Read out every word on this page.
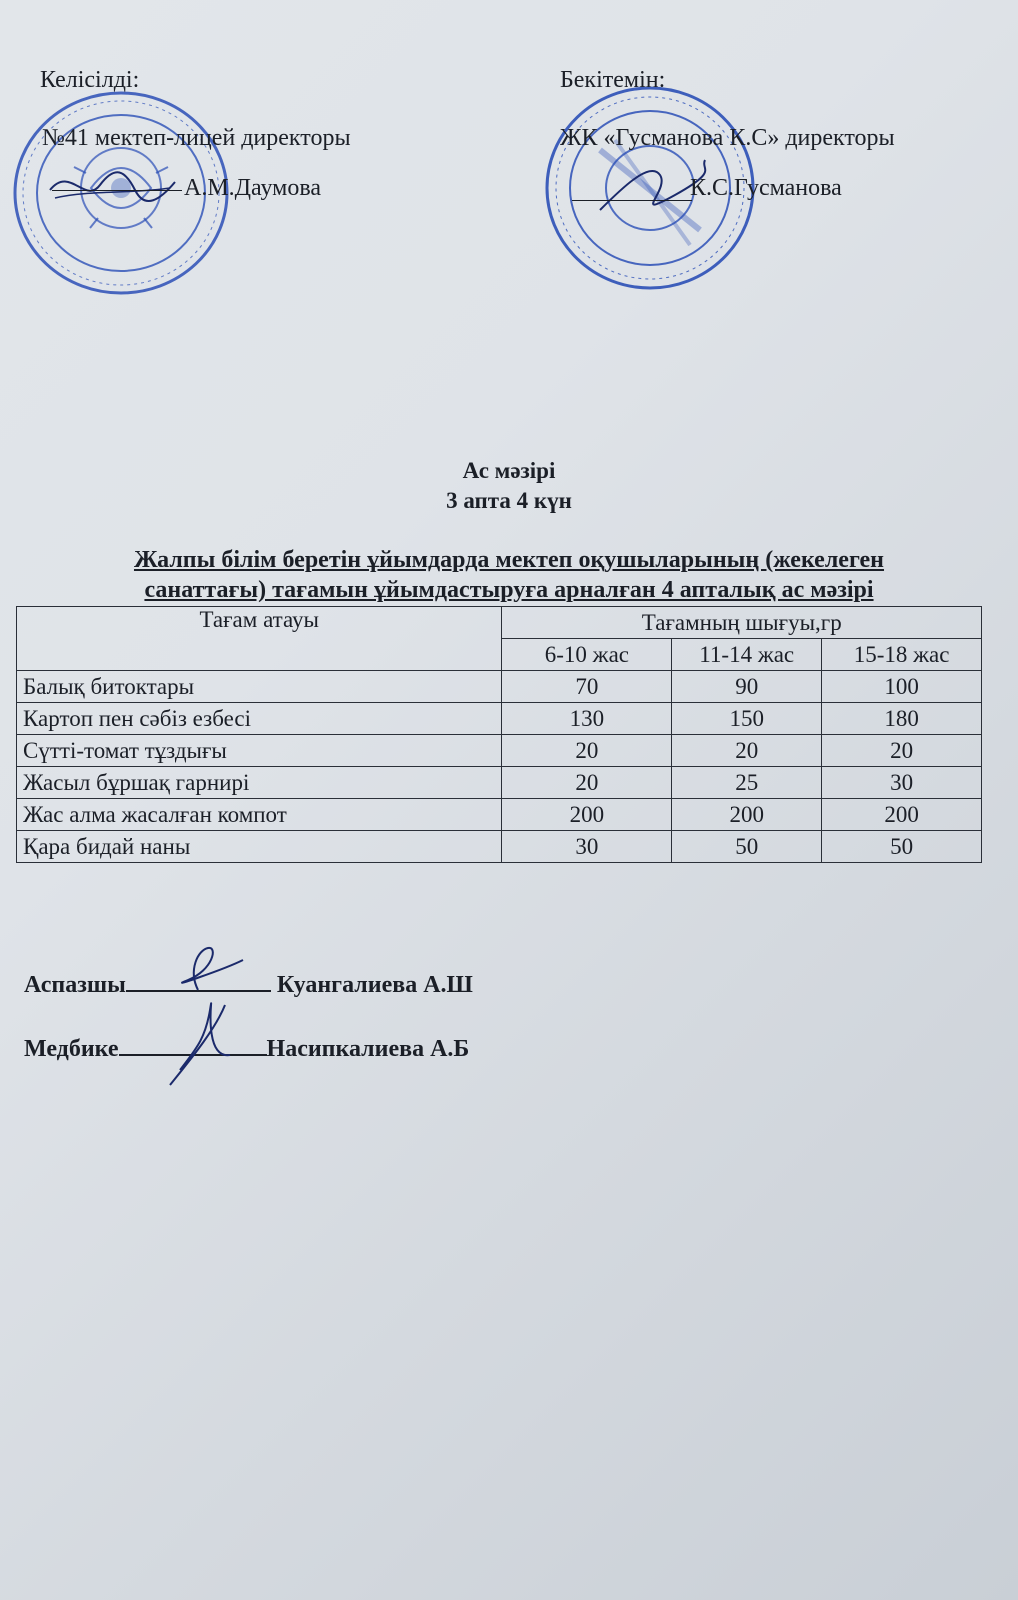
Келісілді:
№41 мектеп-лицей директоры
А.М.Даумова
Бекітемін:
ЖК «Гусманова К.С» директоры
К.С.Гусманова
Ас мәзірі
3 апта 4 күн
Жалпы білім беретін ұйымдарда мектеп оқушыларының (жекелеген
санаттағы) тағамын ұйымдастыруға арналған 4 апталық ас мәзірі
Тағам атауы	Тағамның шығуы,гр		
	6-10 жас	11-14 жас	15-18 жас
Балық битоктары	70	90	100
Картоп пен сәбіз езбесі	130	150	180
Сүтті-томат тұздығы	20	20	20
Жасыл бұршақ гарнирі	20	25	30
Жас алма жасалған компот	200	200	200
Қара бидай наны	30	50	50
Аспазшы	Куангалиева А.Ш
Медбике	Насипкалиева А.Б
